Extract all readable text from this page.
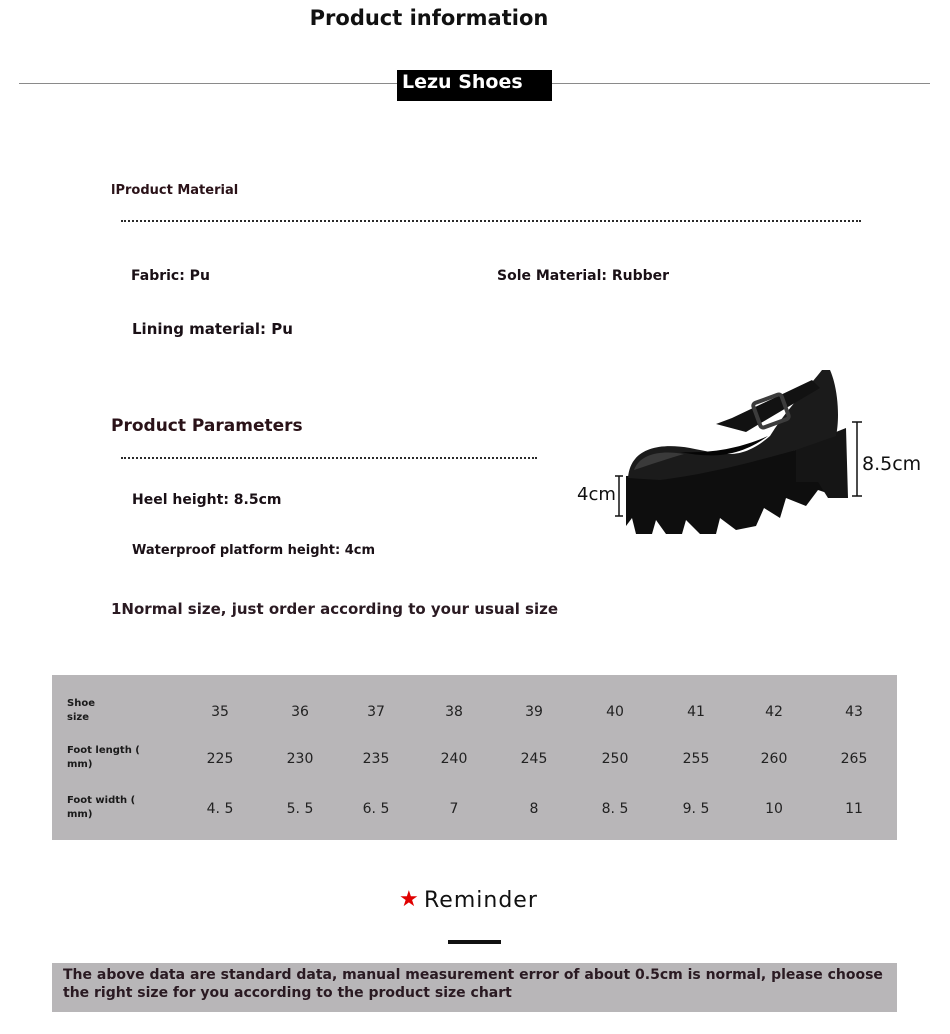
Product information
Lezu Shoes
lProduct Material
Fabric: Pu	Sole Material: Rubber
Lining material: Pu
Product Parameters
Heel height: 8.5cm
Waterproof platform height: 4cm
1Normal size, just order according to your usual size
8.5cm
4cm
Shoe
size	35	36	37	38	39	40	41	42	43
Foot length (
mm)	225	230	235	240	245	250	255	260	265
Foot width (
mm)	4. 5	5. 5	6. 5	7	8	8. 5	9. 5	10	11
★ Reminder
The above data are standard data, manual measurement error of about 0.5cm is normal, please choose the right size for you according to the product size chart
